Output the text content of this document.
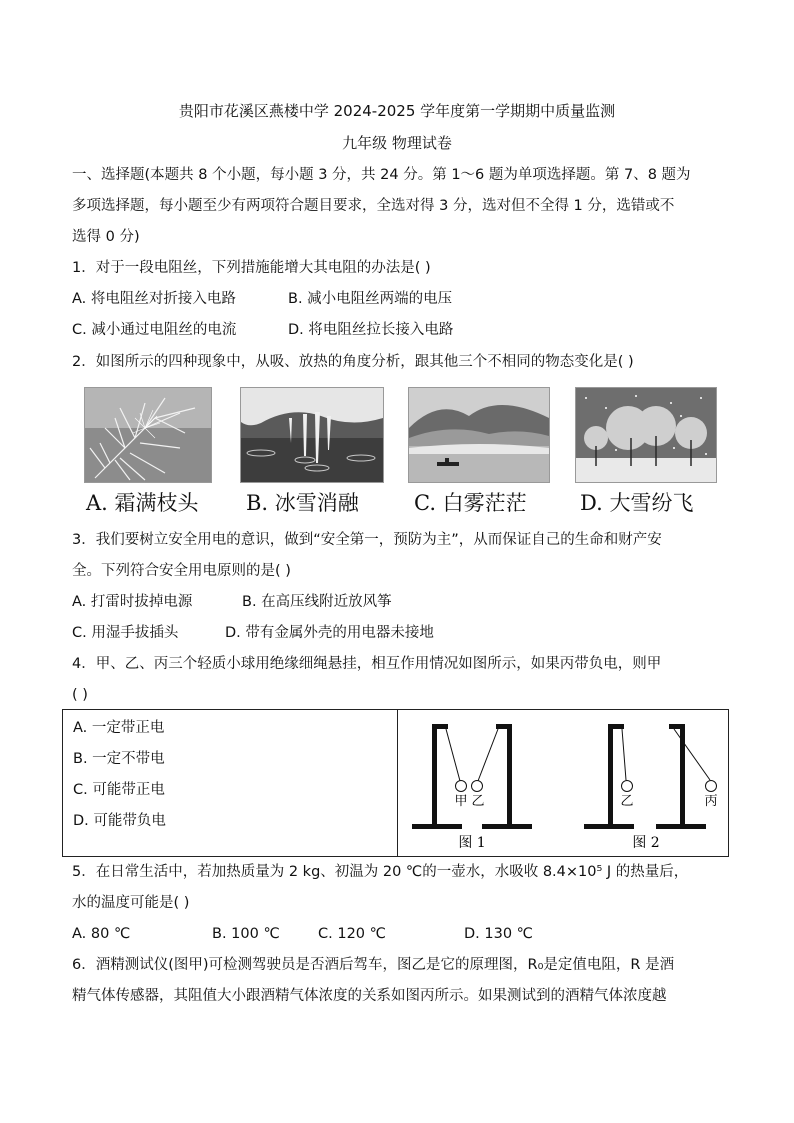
贵阳市花溪区燕楼中学 2024-2025 学年度第一学期期中质量监测
九年级 物理试卷
一、选择题(本题共 8 个小题，每小题 3 分，共 24 分。第 1～6 题为单项选择题。第 7、8 题为
多项选择题，每小题至少有两项符合题目要求，全选对得 3 分，选对但不全得 1 分，选错或不
选得 0 分)
1．对于一段电阻丝，下列措施能增大其电阻的办法是( )
A. 将电阻丝对折接入电路	B. 减小电阻丝两端的电压
C. 减小通过电阻丝的电流	D. 将电阻丝拉长接入电路
2．如图所示的四种现象中，从吸、放热的角度分析，跟其他三个不相同的物态变化是( )
A. 霜满枝头 B. 冰雪消融	C. 白雾茫茫	D. 大雪纷飞
3．我们要树立安全用电的意识，做到“安全第一，预防为主”，从而保证自己的生命和财产安
全。下列符合安全用电原则的是( )
A. 打雷时拔掉电源	B. 在高压线附近放风筝
C. 用湿手拔插头	D. 带有金属外壳的用电器未接地
4．甲、乙、丙三个轻质小球用绝缘细绳悬挂，相互作用情况如图所示，如果丙带负电，则甲
( )
A. 一定带正电
B. 一定不带电
C. 可能带正电
D. 可能带负电
甲 乙	乙	丙
图 1	图 2
5．在日常生活中，若加热质量为 2 kg、初温为 20 ℃的一壶水，水吸收 8.4×10⁵ J 的热量后，
水的温度可能是( )
A. 80 ℃	B. 100 ℃	C. 120 ℃	D. 130 ℃
6．酒精测试仪(图甲)可检测驾驶员是否酒后驾车，图乙是它的原理图，R₀是定值电阻，R 是酒
精气体传感器，其阻值大小跟酒精气体浓度的关系如图丙所示。如果测试到的酒精气体浓度越
